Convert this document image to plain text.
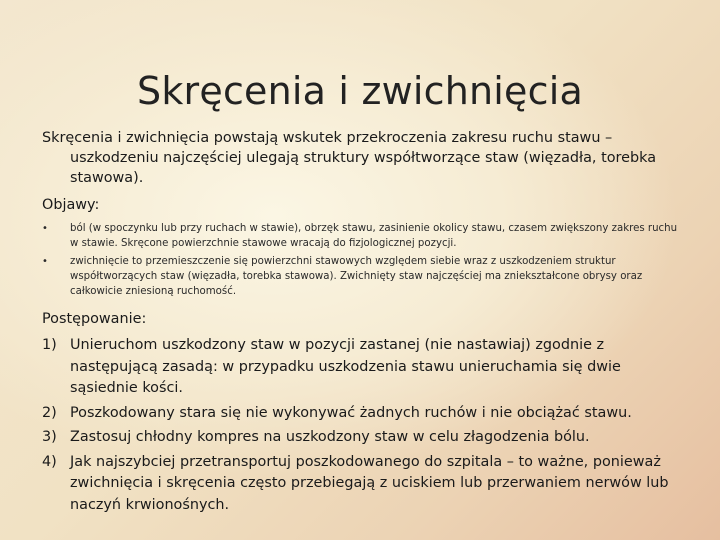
Skręcenia i zwichnięcia

Skręcenia i zwichnięcia powstają wskutek przekroczenia zakresu ruchu stawu – uszkodzeniu najczęściej ulegają struktury współtworzące staw (więzadła, torebka stawowa).

Objawy:

• ból (w spoczynku lub przy ruchach w stawie), obrzęk stawu, zasinienie okolicy stawu, czasem zwiększony zakres ruchu w stawie. Skręcone powierzchnie stawowe wracają do fizjologicznej pozycji.
• zwichnięcie to przemieszczenie się powierzchni stawowych względem siebie wraz z uszkodzeniem struktur współtworzących staw (więzadła, torebka stawowa). Zwichnięty staw najczęściej ma zniekształcone obrysy oraz całkowicie zniesioną ruchomość.

Postępowanie:

1) Unieruchom uszkodzony staw w pozycji zastanej (nie nastawiaj) zgodnie z następującą zasadą: w przypadku uszkodzenia stawu unieruchamia się dwie sąsiednie kości.
2) Poszkodowany stara się nie wykonywać żadnych ruchów i nie obciążać stawu.
3) Zastosuj chłodny kompres na uszkodzony staw w celu złagodzenia bólu.
4) Jak najszybciej przetransportuj poszkodowanego do szpitala – to ważne, ponieważ zwichnięcia i skręcenia często przebiegają z uciskiem lub przerwaniem nerwów lub naczyń krwionośnych.
